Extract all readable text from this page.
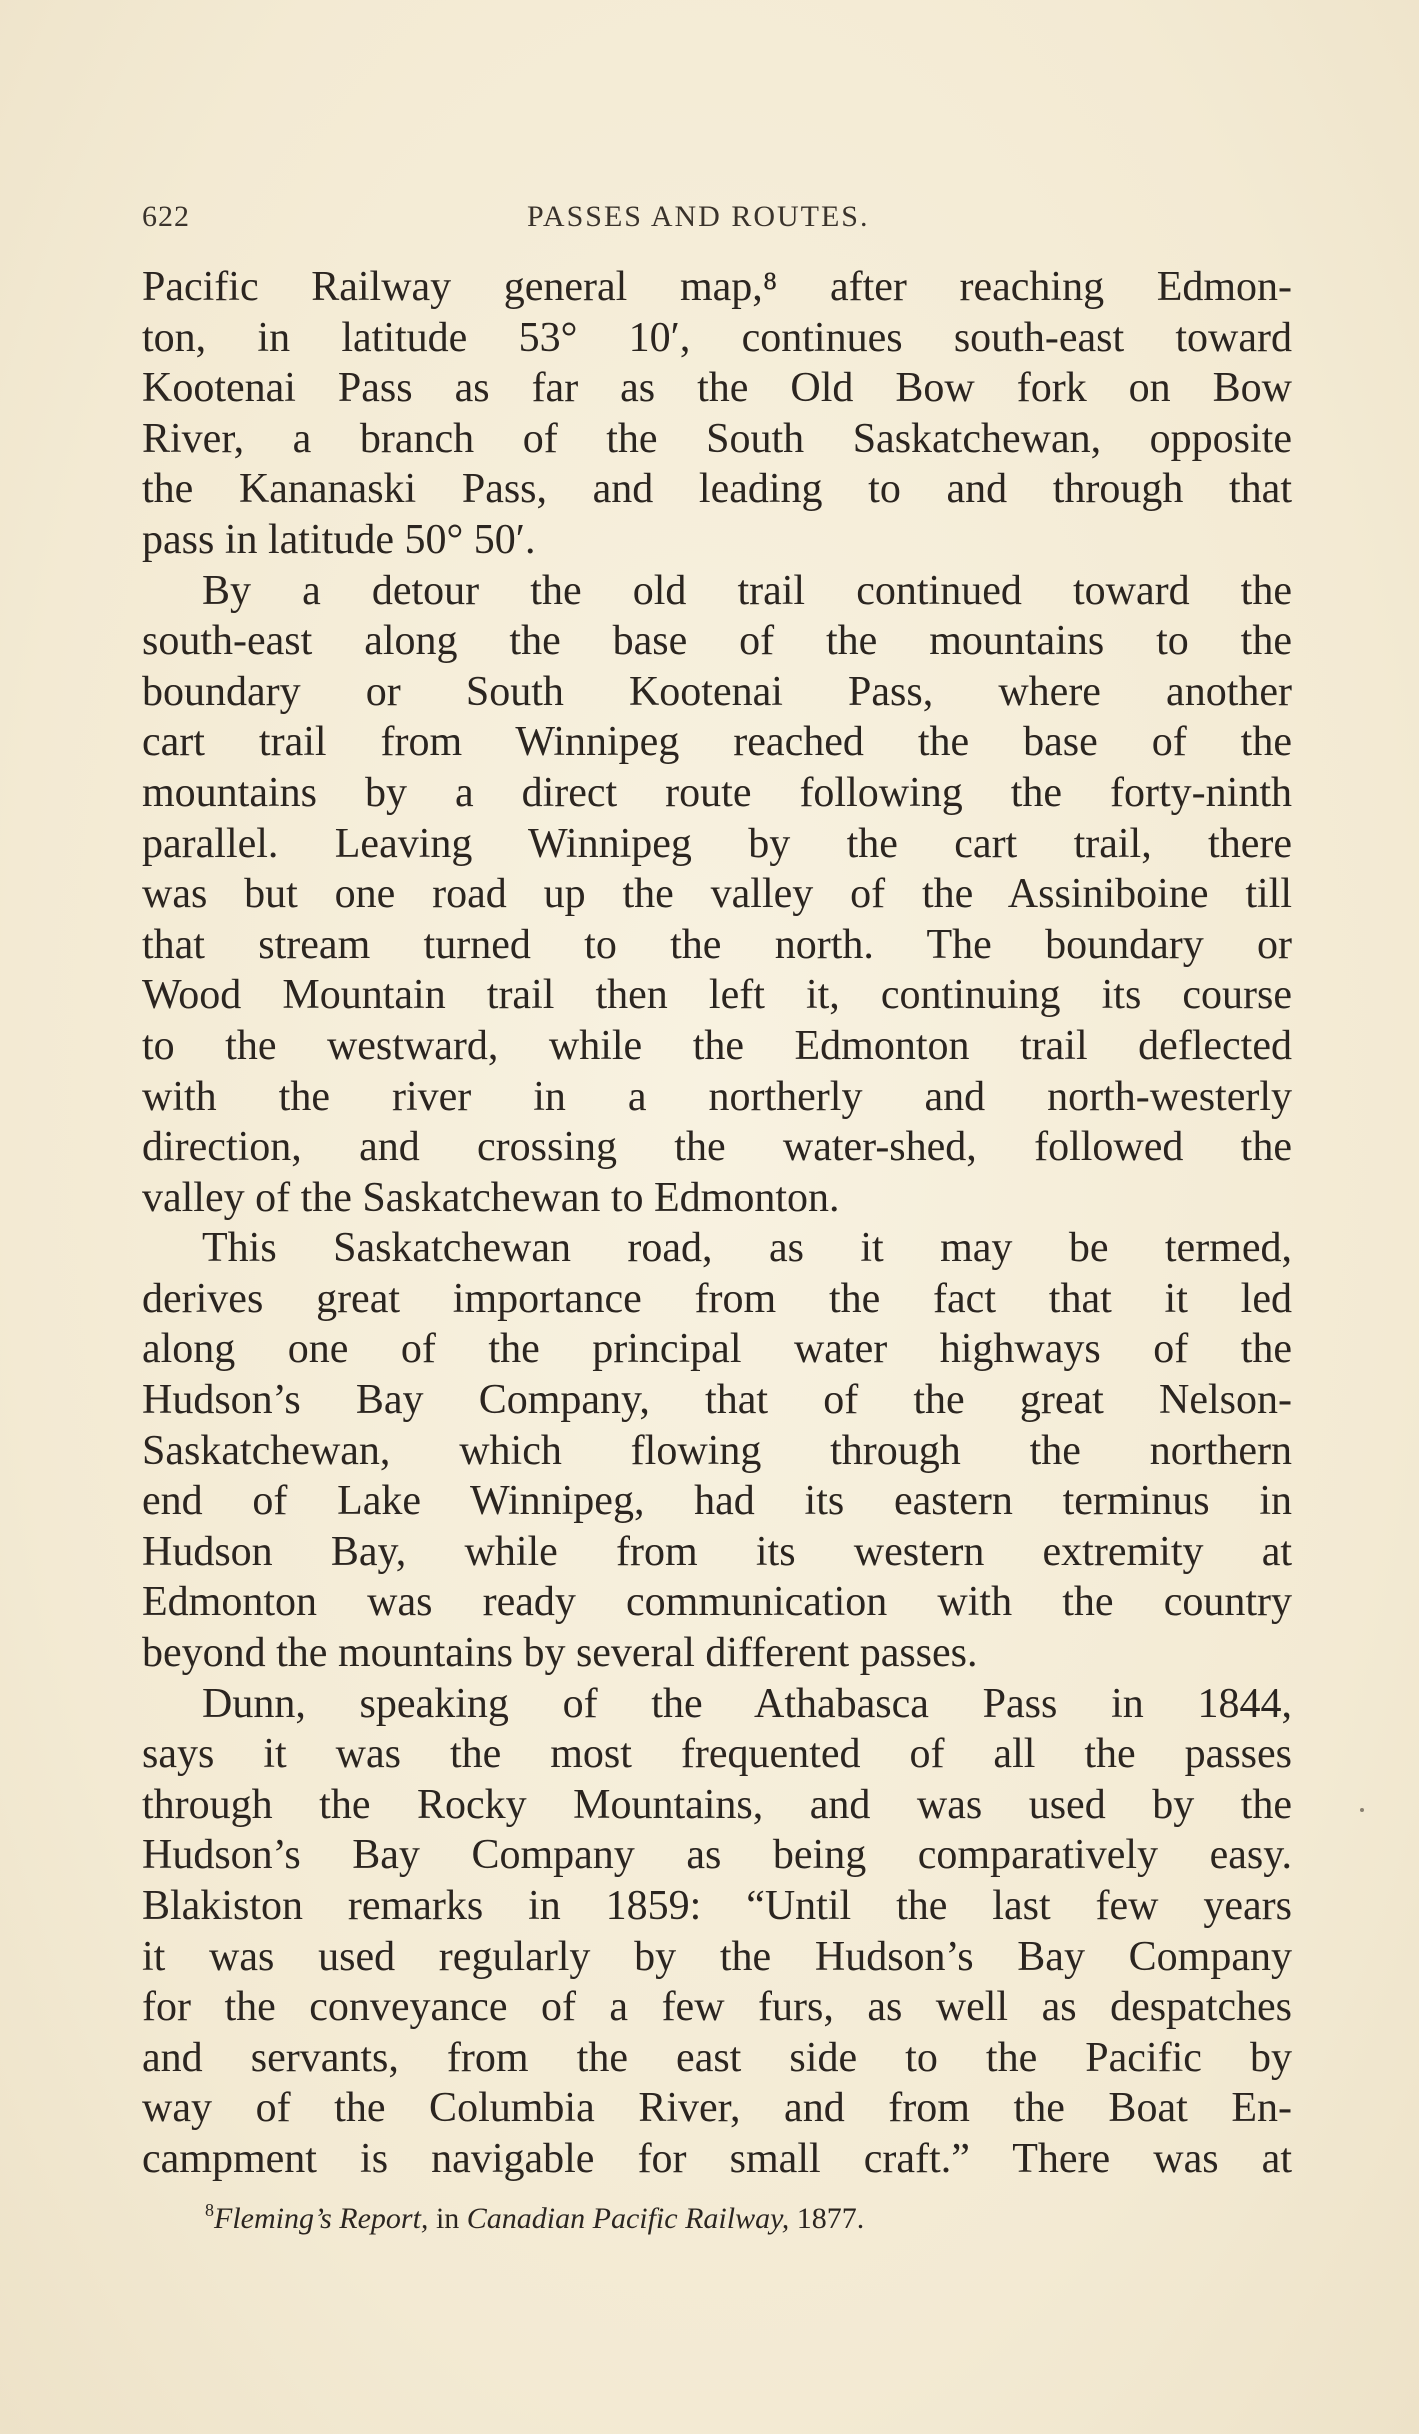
622	PASSES AND ROUTES.
Pacific Railway general map,⁸ after reaching Edmon-
ton, in latitude 53° 10′, continues south-east toward
Kootenai Pass as far as the Old Bow fork on Bow
River, a branch of the South Saskatchewan, opposite
the Kananaski Pass, and leading to and through that
pass in latitude 50° 50′.
By a detour the old trail continued toward the
south-east along the base of the mountains to the
boundary or South Kootenai Pass, where another
cart trail from Winnipeg reached the base of the
mountains by a direct route following the forty-ninth
parallel. Leaving Winnipeg by the cart trail, there
was but one road up the valley of the Assiniboine till
that stream turned to the north. The boundary or
Wood Mountain trail then left it, continuing its course
to the westward, while the Edmonton trail deflected
with the river in a northerly and north-westerly
direction, and crossing the water-shed, followed the
valley of the Saskatchewan to Edmonton.
This Saskatchewan road, as it may be termed,
derives great importance from the fact that it led
along one of the principal water highways of the
Hudson’s Bay Company, that of the great Nelson-
Saskatchewan, which flowing through the northern
end of Lake Winnipeg, had its eastern terminus in
Hudson Bay, while from its western extremity at
Edmonton was ready communication with the country
beyond the mountains by several different passes.
Dunn, speaking of the Athabasca Pass in 1844,
says it was the most frequented of all the passes
through the Rocky Mountains, and was used by the
Hudson’s Bay Company as being comparatively easy.
Blakiston remarks in 1859: “Until the last few years
it was used regularly by the Hudson’s Bay Company
for the conveyance of a few furs, as well as despatches
and servants, from the east side to the Pacific by
way of the Columbia River, and from the Boat En-
campment is navigable for small craft.” There was at
$^8$Fleming’s Report, in Canadian Pacific Railway, 1877.
